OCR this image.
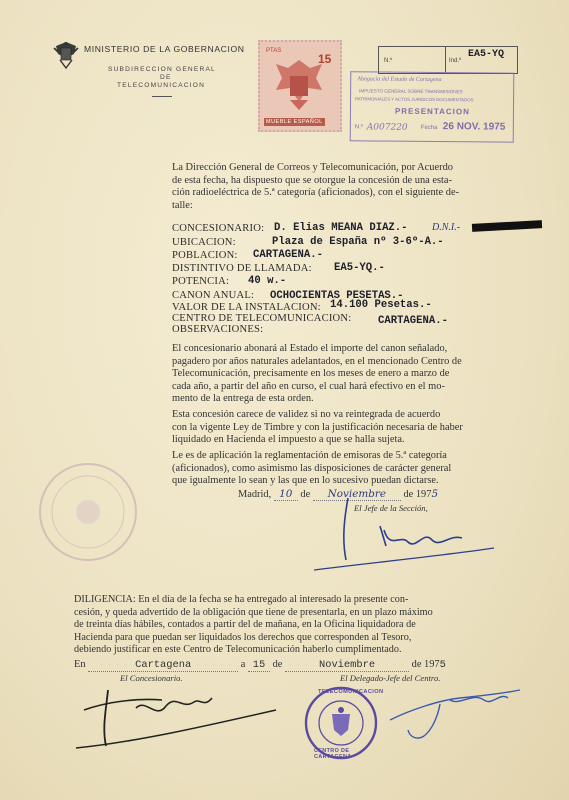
MINISTERIO DE LA GOBERNACION
SUBDIRECCION GENERAL
DE
TELECOMUNICACION
PTAS
15
MUEBLE ESPAÑOL
N.º	Ind.º
EA5-YQ
Abogacía del Estado de Cartagena
IMPUESTO GENERAL SOBRE TRANSMISIONES
PATRIMONIALES Y ACTOS JURIDICOS DOCUMENTADOS
PRESENTACION
N.º A007220 Fecha 26 NOV. 1975
La Dirección General de Correos y Telecomunicación, por Acuerdo
de esta fecha, ha dispuesto que se otorgue la concesión de una esta-
ción radioeléctrica de 5.ª categoría (aficionados), con el siguiente de-
talle:
CONCESIONARIO: D. Elias MEANA DIAZ.- D.N.I.-
UBICACION:	Plaza de España nº 3-6º-A.-
POBLACION: CARTAGENA.-
DISTINTIVO DE LLAMADA: EA5-YQ.-
POTENCIA: 40 w.-
CANON ANUAL: OCHOCIENTAS PESETAS.-
VALOR DE LA INSTALACION: 14.100 Pesetas.-
CENTRO DE TELECOMUNICACION:	CARTAGENA.-
OBSERVACIONES:
El concesionario abonará al Estado el importe del canon señalado,
pagadero por años naturales adelantados, en el mencionado Centro de
Telecomunicación, precisamente en los meses de enero a marzo de
cada año, a partir del año en curso, el cual hará efectivo en el mo-
mento de la entrega de esta orden.
Esta concesión carece de validez si no va reintegrada de acuerdo
con la vigente Ley de Timbre y con la justificación necesaria de haber
liquidado en Hacienda el impuesto a que se halla sujeta.
Le es de aplicación la reglamentación de emisoras de 5.ª categoría
(aficionados), como asimismo las disposiciones de carácter general
que igualmente lo sean y las que en lo sucesivo puedan dictarse.
Madrid, 10 de Noviembre de 1975
El Jefe de la Sección,
DILIGENCIA: En el día de la fecha se ha entregado al interesado la presente con-
cesión, y queda advertido de la obligación que tiene de presentarla, en un plazo máximo
de treinta días hábiles, contados a partir del de mañana, en la Oficina liquidadora de
Hacienda para que puedan ser liquidados los derechos que corresponden al Tesoro,
debiendo justificar en este Centro de Telecomunicación haberlo cumplimentado.
En	Cartagena	a 15 de	Noviembre	de 1975
El Concesionario.	El Delegado-Jefe del Centro.
TELECOMUNICACION
CENTRO DE CARTAGENA
